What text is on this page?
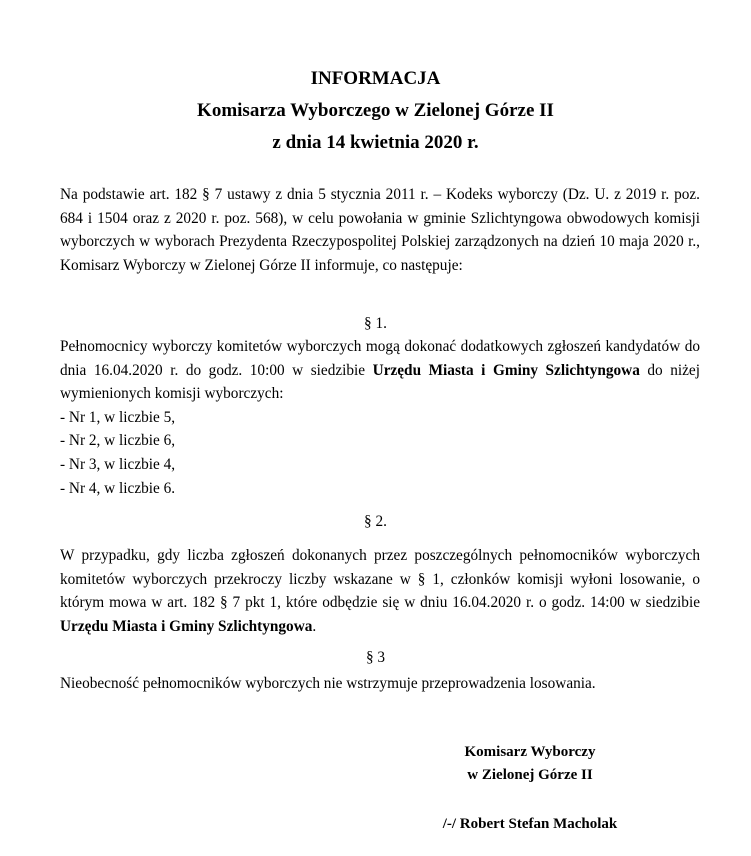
INFORMACJA
Komisarza Wyborczego w Zielonej Górze II
z dnia 14 kwietnia 2020 r.
Na podstawie art. 182 § 7 ustawy z dnia 5 stycznia 2011 r. – Kodeks wyborczy (Dz. U. z 2019 r. poz. 684 i 1504 oraz z 2020 r. poz. 568), w celu powołania w gminie Szlichtyngowa obwodowych komisji wyborczych w wyborach Prezydenta Rzeczypospolitej Polskiej zarządzonych na dzień 10 maja 2020 r., Komisarz Wyborczy w Zielonej Górze II informuje, co następuje:
§ 1.
Pełnomocnicy wyborczy komitetów wyborczych mogą dokonać dodatkowych zgłoszeń kandydatów do dnia 16.04.2020 r. do godz. 10:00 w siedzibie Urzędu Miasta i Gminy Szlichtyngowa do niżej wymienionych komisji wyborczych:
- Nr 1, w liczbie 5,
- Nr 2, w liczbie 6,
- Nr 3, w liczbie 4,
- Nr 4, w liczbie 6.
§ 2.
W przypadku, gdy liczba zgłoszeń dokonanych przez poszczególnych pełnomocników wyborczych komitetów wyborczych przekroczy liczby wskazane w § 1, członków komisji wyłoni losowanie, o którym mowa w art. 182 § 7 pkt 1, które odbędzie się w dniu 16.04.2020 r. o godz. 14:00 w siedzibie Urzędu Miasta i Gminy Szlichtyngowa.
§ 3
Nieobecność pełnomocników wyborczych nie wstrzymuje przeprowadzenia losowania.
Komisarz Wyborczy
w Zielonej Górze II
/-/ Robert Stefan Macholak
